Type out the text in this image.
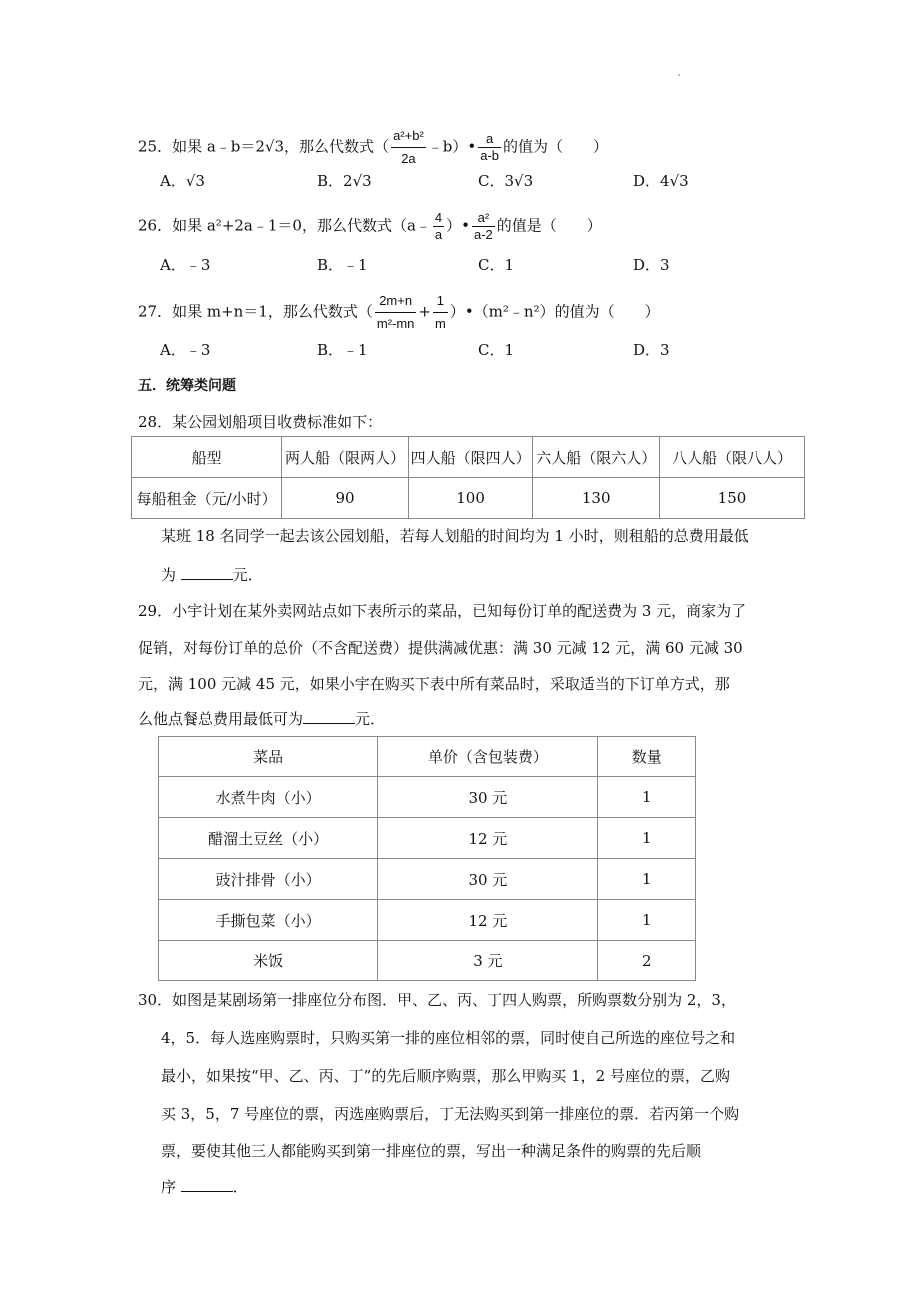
25．如果 a﹣b＝2√3，那么代数式（ $\frac{\text{a²+b²}}{2a}$ ﹣b）• $\frac{a}{a-b}$ 的值为（　　）
A．√3	B．2√3	C．3√3	D．4√3
26．如果 a²+2a﹣1＝0，那么代数式（a﹣ $\frac{4}{a}$ ）• $\frac{\text{a²}}{a-2}$ 的值是（　　）
A．﹣3	B．﹣1	C．1	D．3
27．如果 m+n＝1，那么代数式（ $\frac{2m+n}{\text{m²-mn}} + \frac{1}{m}$ ）•（m²﹣n²）的值为（　　）
A．﹣3	B．﹣1	C．1	D．3
五．统筹类问题
28．某公园划船项目收费标准如下：
船型	两人船（限两人）	四人船（限四人）	六人船（限六人）	八人船（限八人）
每船租金（元/小时）	90	100	130	150
某班 18 名同学一起去该公园划船，若每人划船的时间均为 1 小时，则租船的总费用最低
为	元．
29．小宇计划在某外卖网站点如下表所示的菜品，已知每份订单的配送费为 3 元，商家为了
促销，对每份订单的总价（不含配送费）提供满减优惠：满 30 元减 12 元，满 60 元减 30
元，满 100 元减 45 元，如果小宇在购买下表中所有菜品时，采取适当的下订单方式，那
么他点餐总费用最低可为	元．
菜品	单价（含包装费）	数量
水煮牛肉（小）	30 元	1
醋溜土豆丝（小）	12 元	1
豉汁排骨（小）	30 元	1
手撕包菜（小）	12 元	1
米饭	3 元	2
30．如图是某剧场第一排座位分布图．甲、乙、丙、丁四人购票，所购票数分别为 2，3，
4，5．每人选座购票时，只购买第一排的座位相邻的票，同时使自己所选的座位号之和
最小，如果按“甲、乙、丙、丁”的先后顺序购票，那么甲购买 1，2 号座位的票，乙购
买 3，5，7 号座位的票，丙选座购票后，丁无法购买到第一排座位的票．若丙第一个购
票，要使其他三人都能购买到第一排座位的票，写出一种满足条件的购票的先后顺
序	．
